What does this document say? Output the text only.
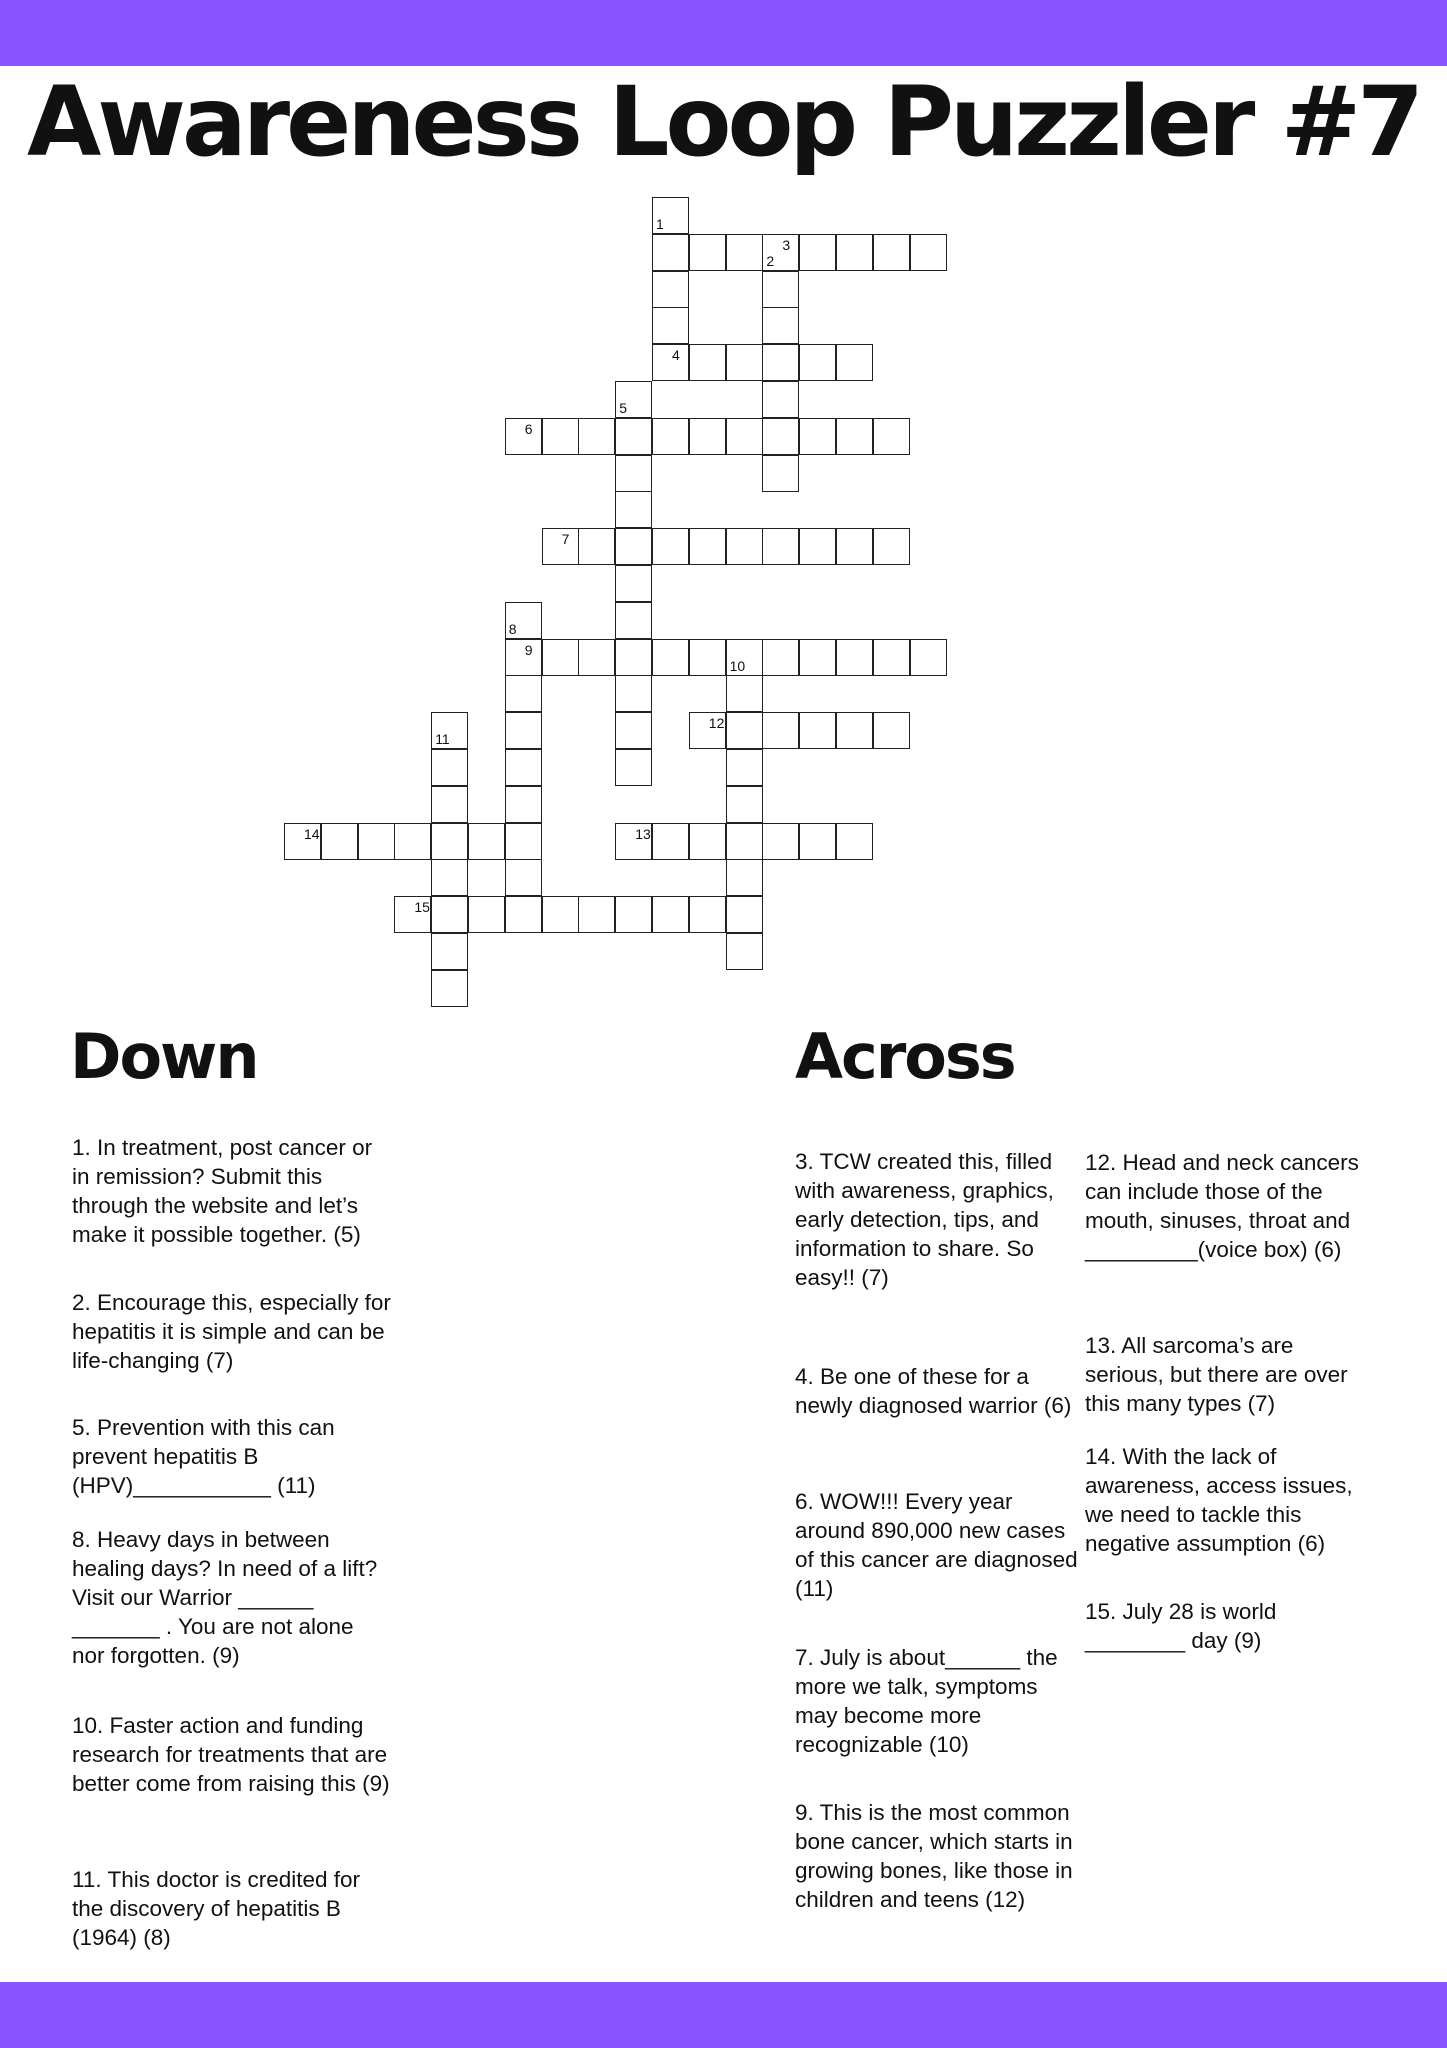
Awareness Loop Puzzler #7
1
2
3
4
5
6
7
8
9
10
11
12
13
14
15
Down	Across

1. In treatment, post cancer or in remission? Submit this through the website and let’s make it possible together. (5)

2. Encourage this, especially for hepatitis it is simple and can be life-changing (7)

5. Prevention with this can prevent hepatitis B (HPV)___________ (11)

8. Heavy days in between healing days? In need of a lift? Visit our Warrior ______ _______ . You are not alone nor forgotten. (9)

10. Faster action and funding research for treatments that are better come from raising this (9)

11. This doctor is credited for the discovery of hepatitis B (1964) (8)

3. TCW created this, filled with awareness, graphics, early detection, tips, and information to share. So easy!! (7)

4. Be one of these for a newly diagnosed warrior (6)

6. WOW!!! Every year around 890,000 new cases of this cancer are diagnosed (11)

7. July is about______ the more we talk, symptoms may become more recognizable (10)

9. This is the most common bone cancer, which starts in growing bones, like those in children and teens (12)

12. Head and neck cancers can include those of the mouth, sinuses, throat and _________(voice box) (6)

13. All sarcoma’s are serious, but there are over this many types (7)

14. With the lack of awareness, access issues, we need to tackle this negative assumption (6)

15. July 28 is world ________ day (9)
